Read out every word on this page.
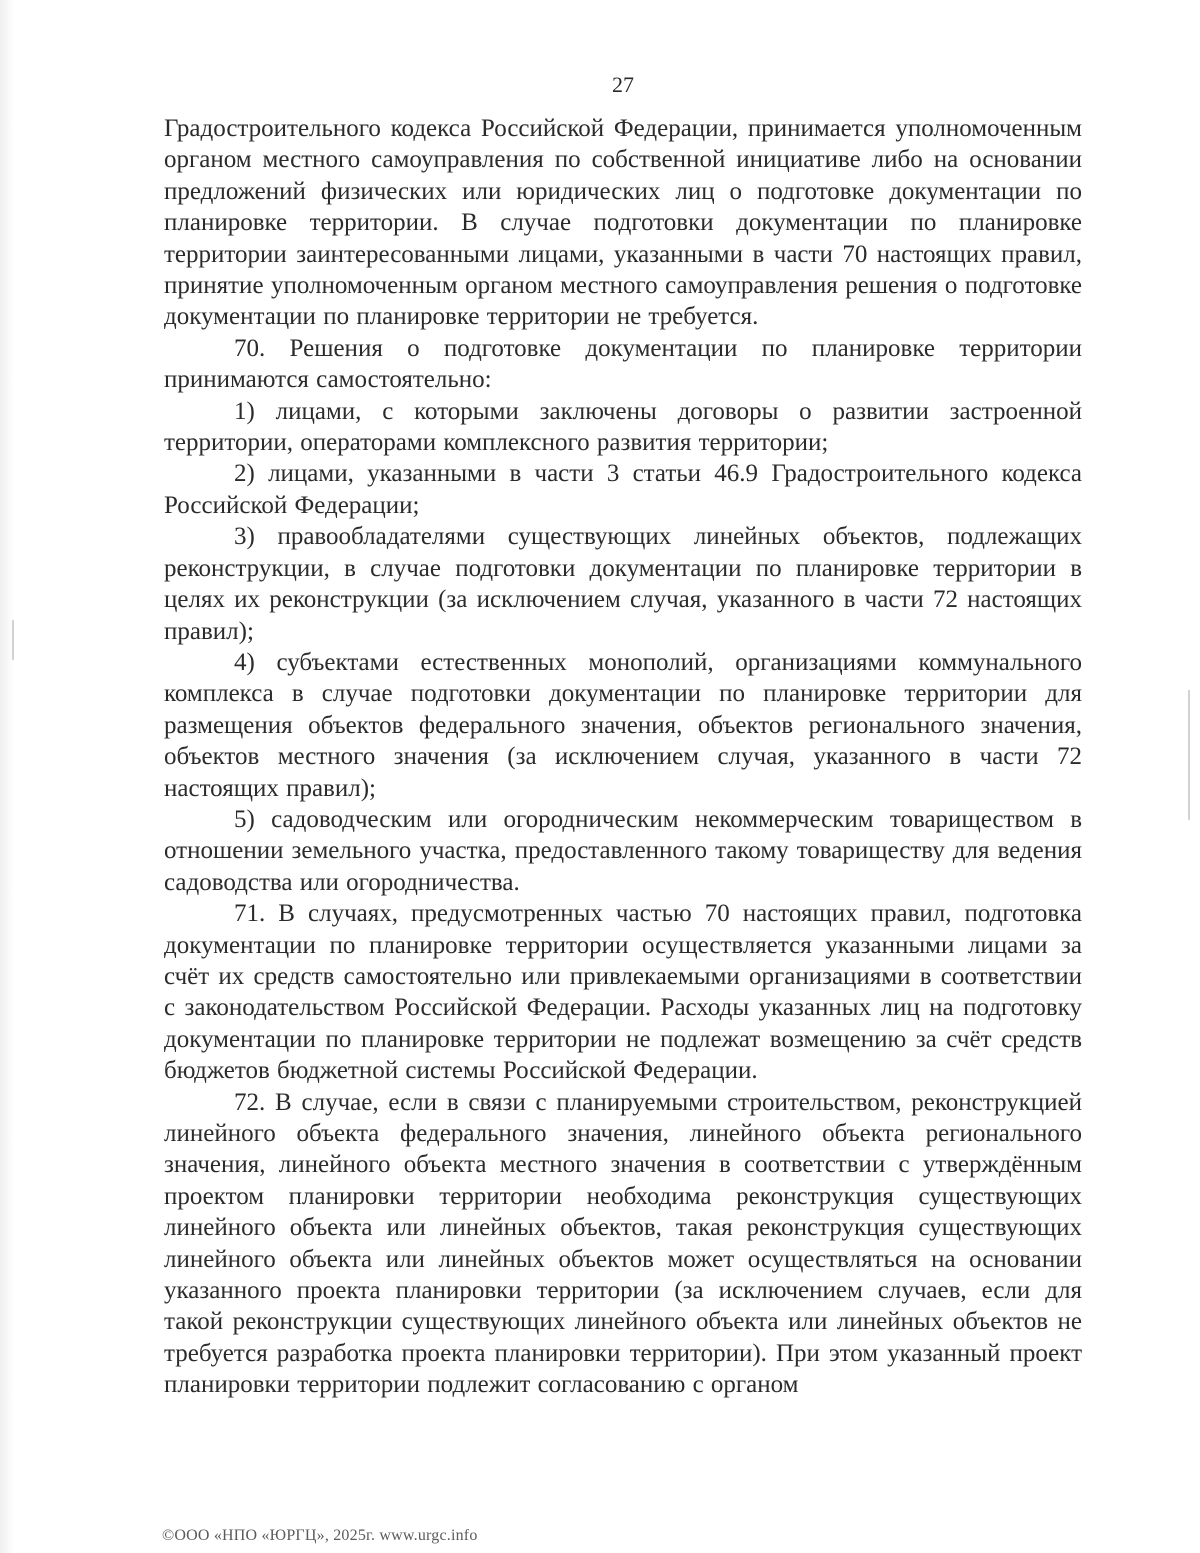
27

Градостроительного кодекса Российской Федерации, принимается уполномоченным органом местного самоуправления по собственной инициативе либо на основании предложений физических или юридических лиц о подготовке документации по планировке территории. В случае подготовки документации по планировке территории заинтересованными лицами, указанными в части 70 настоящих правил, принятие уполномоченным органом местного самоуправления решения о подготовке документации по планировке территории не требуется.

70. Решения о подготовке документации по планировке территории принимаются самостоятельно:

1) лицами, с которыми заключены договоры о развитии застроенной территории, операторами комплексного развития территории;

2) лицами, указанными в части 3 статьи 46.9 Градостроительного кодекса Российской Федерации;

3) правообладателями существующих линейных объектов, подлежащих реконструкции, в случае подготовки документации по планировке территории в целях их реконструкции (за исключением случая, указанного в части 72 настоящих правил);

4) субъектами естественных монополий, организациями коммунального комплекса в случае подготовки документации по планировке территории для размещения объектов федерального значения, объектов регионального значения, объектов местного значения (за исключением случая, указанного в части 72 настоящих правил);

5) садоводческим или огородническим некоммерческим товариществом в отношении земельного участка, предоставленного такому товариществу для ведения садоводства или огородничества.

71. В случаях, предусмотренных частью 70 настоящих правил, подготовка документации по планировке территории осуществляется указанными лицами за счёт их средств самостоятельно или привлекаемыми организациями в соответствии с законодательством Российской Федерации. Расходы указанных лиц на подготовку документации по планировке территории не подлежат возмещению за счёт средств бюджетов бюджетной системы Российской Федерации.

72. В случае, если в связи с планируемыми строительством, реконструкцией линейного объекта федерального значения, линейного объекта регионального значения, линейного объекта местного значения в соответствии с утверждённым проектом планировки территории необходима реконструкция существующих линейного объекта или линейных объектов, такая реконструкция существующих линейного объекта или линейных объектов может осуществляться на основании указанного проекта планировки территории (за исключением случаев, если для такой реконструкции существующих линейного объекта или линейных объектов не требуется разработка проекта планировки территории). При этом указанный проект планировки территории подлежит согласованию с органом

©ООО «НПО «ЮРГЦ», 2025г. www.urgc.info
